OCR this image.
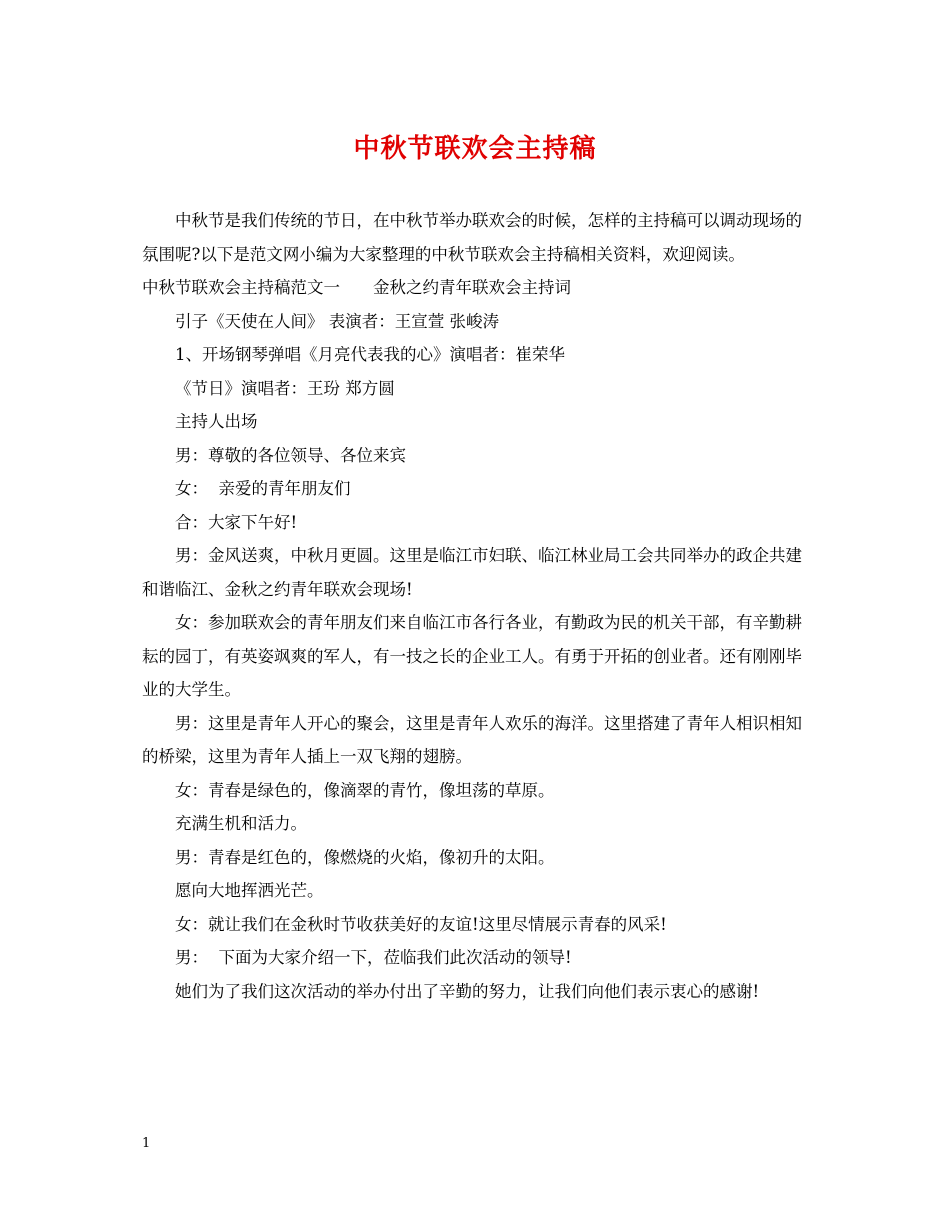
中秋节联欢会主持稿

中秋节是我们传统的节日，在中秋节举办联欢会的时候，怎样的主持稿可以调动现场的氛围呢?以下是范文网小编为大家整理的中秋节联欢会主持稿相关资料，欢迎阅读。

中秋节联欢会主持稿范文一　　金秋之约青年联欢会主持词

引子《天使在人间》 表演者：王宣萱 张峻涛

1、开场钢琴弹唱《月亮代表我的心》演唱者：崔荣华

《节日》演唱者：王玢 郑方圆

主持人出场

男：尊敬的各位领导、各位来宾

女：  亲爱的青年朋友们

合：大家下午好!

男：金风送爽，中秋月更圆。这里是临江市妇联、临江林业局工会共同举办的政企共建和谐临江、金秋之约青年联欢会现场!

女：参加联欢会的青年朋友们来自临江市各行各业，有勤政为民的机关干部，有辛勤耕耘的园丁，有英姿飒爽的军人，有一技之长的企业工人。有勇于开拓的创业者。还有刚刚毕业的大学生。

男：这里是青年人开心的聚会，这里是青年人欢乐的海洋。这里搭建了青年人相识相知的桥梁，这里为青年人插上一双飞翔的翅膀。

女：青春是绿色的，像滴翠的青竹，像坦荡的草原。

充满生机和活力。

男：青春是红色的，像燃烧的火焰，像初升的太阳。

愿向大地挥洒光芒。

女：就让我们在金秋时节收获美好的友谊!这里尽情展示青春的风采!

男：  下面为大家介绍一下，莅临我们此次活动的领导!

她们为了我们这次活动的举办付出了辛勤的努力，让我们向他们表示衷心的感谢!

1
